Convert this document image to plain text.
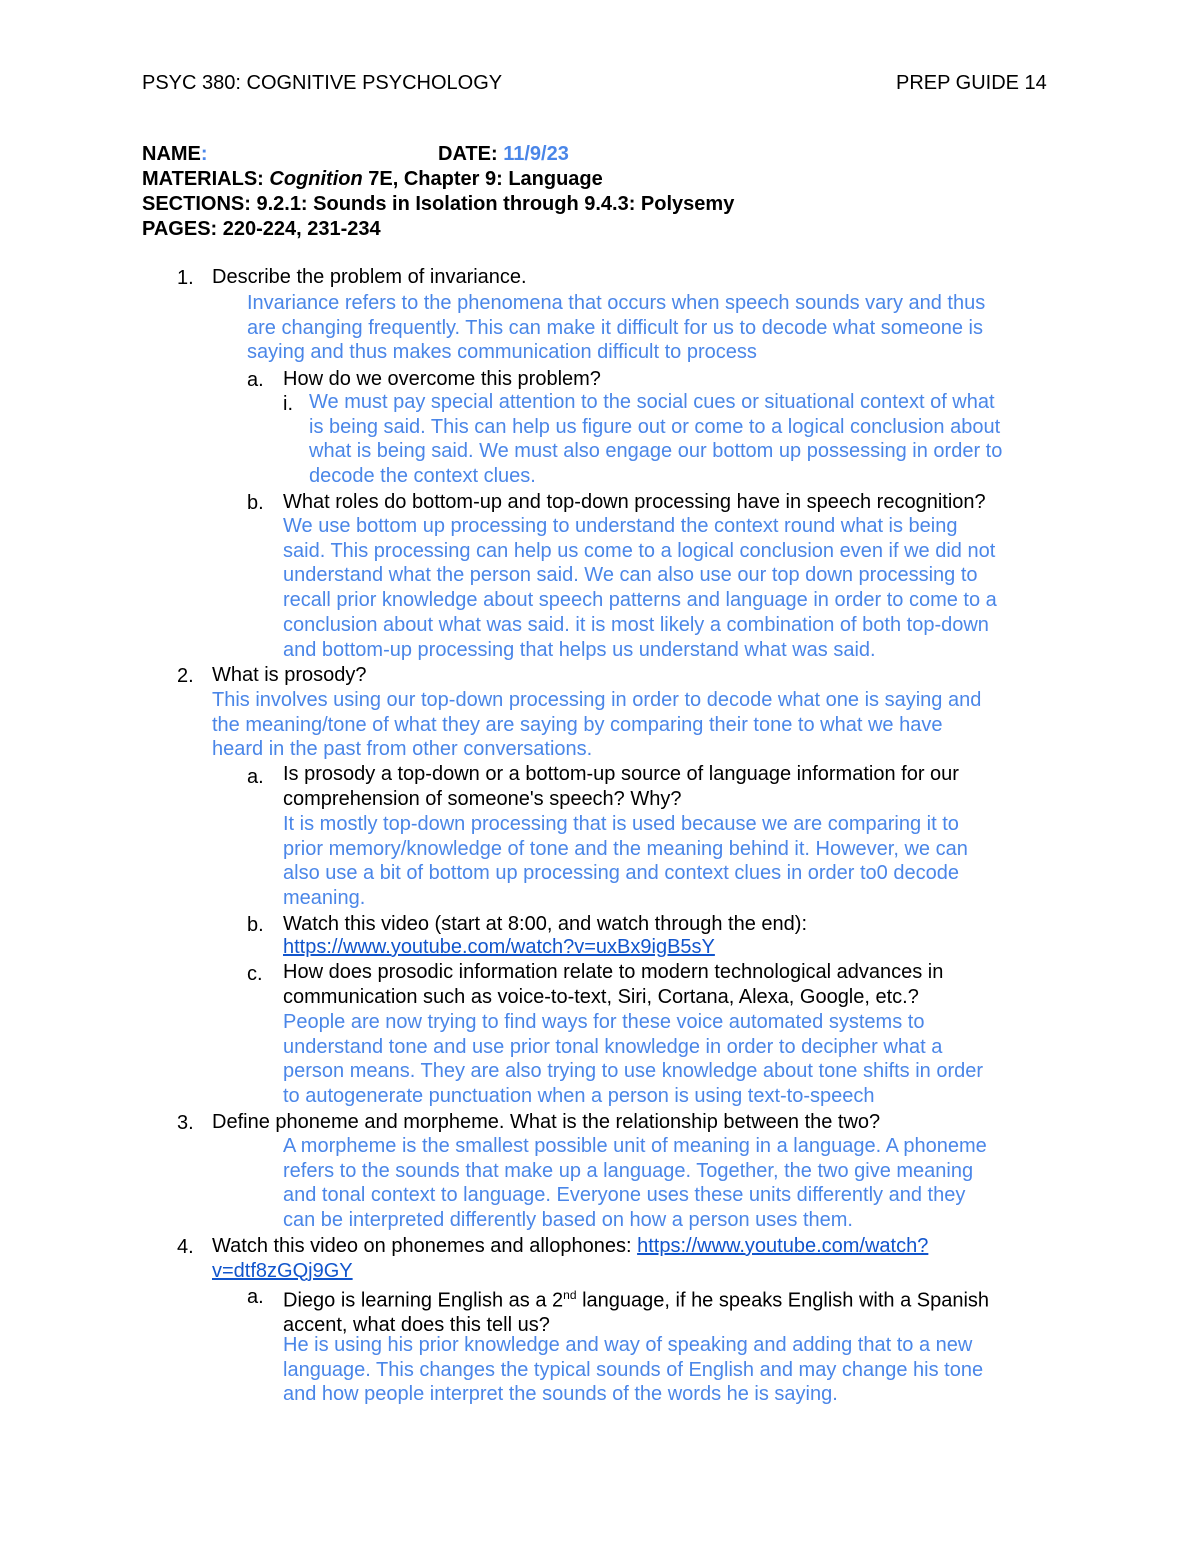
PSYC 380: COGNITIVE PSYCHOLOGY	PREP GUIDE 14
NAME:	DATE: 11/9/23
MATERIALS: Cognition 7E, Chapter 9: Language
SECTIONS: 9.2.1: Sounds in Isolation through 9.4.3: Polysemy
PAGES: 220-224, 231-234
1. Describe the problem of invariance.
Invariance refers to the phenomena that occurs when speech sounds vary and thus
are changing frequently. This can make it difficult for us to decode what someone is
saying and thus makes communication difficult to process
a. How do we overcome this problem?
i. We must pay special attention to the social cues or situational context of what
is being said. This can help us figure out or come to a logical conclusion about
what is being said. We must also engage our bottom up possessing in order to
decode the context clues.
b. What roles do bottom-up and top-down processing have in speech recognition?
We use bottom up processing to understand the context round what is being
said. This processing can help us come to a logical conclusion even if we did not
understand what the person said. We can also use our top down processing to
recall prior knowledge about speech patterns and language in order to come to a
conclusion about what was said. it is most likely a combination of both top-down
and bottom-up processing that helps us understand what was said.
2. What is prosody?
This involves using our top-down processing in order to decode what one is saying and
the meaning/tone of what they are saying by comparing their tone to what we have
heard in the past from other conversations.
a. Is prosody a top-down or a bottom-up source of language information for our
comprehension of someone's speech? Why?
It is mostly top-down processing that is used because we are comparing it to
prior memory/knowledge of tone and the meaning behind it. However, we can
also use a bit of bottom up processing and context clues in order to0 decode
meaning.
b. Watch this video (start at 8:00, and watch through the end):
https://www.youtube.com/watch?v=uxBx9igB5sY
c. How does prosodic information relate to modern technological advances in
communication such as voice-to-text, Siri, Cortana, Alexa, Google, etc.?
People are now trying to find ways for these voice automated systems to
understand tone and use prior tonal knowledge in order to decipher what a
person means. They are also trying to use knowledge about tone shifts in order
to autogenerate punctuation when a person is using text-to-speech
3. Define phoneme and morpheme. What is the relationship between the two?
A morpheme is the smallest possible unit of meaning in a language. A phoneme
refers to the sounds that make up a language. Together, the two give meaning
and tonal context to language. Everyone uses these units differently and they
can be interpreted differently based on how a person uses them.
4. Watch this video on phonemes and allophones: https://www.youtube.com/watch?
v=dtf8zGQj9GY
a. Diego is learning English as a 2nd language, if he speaks English with a Spanish
accent, what does this tell us?
He is using his prior knowledge and way of speaking and adding that to a new
language. This changes the typical sounds of English and may change his tone
and how people interpret the sounds of the words he is saying.
